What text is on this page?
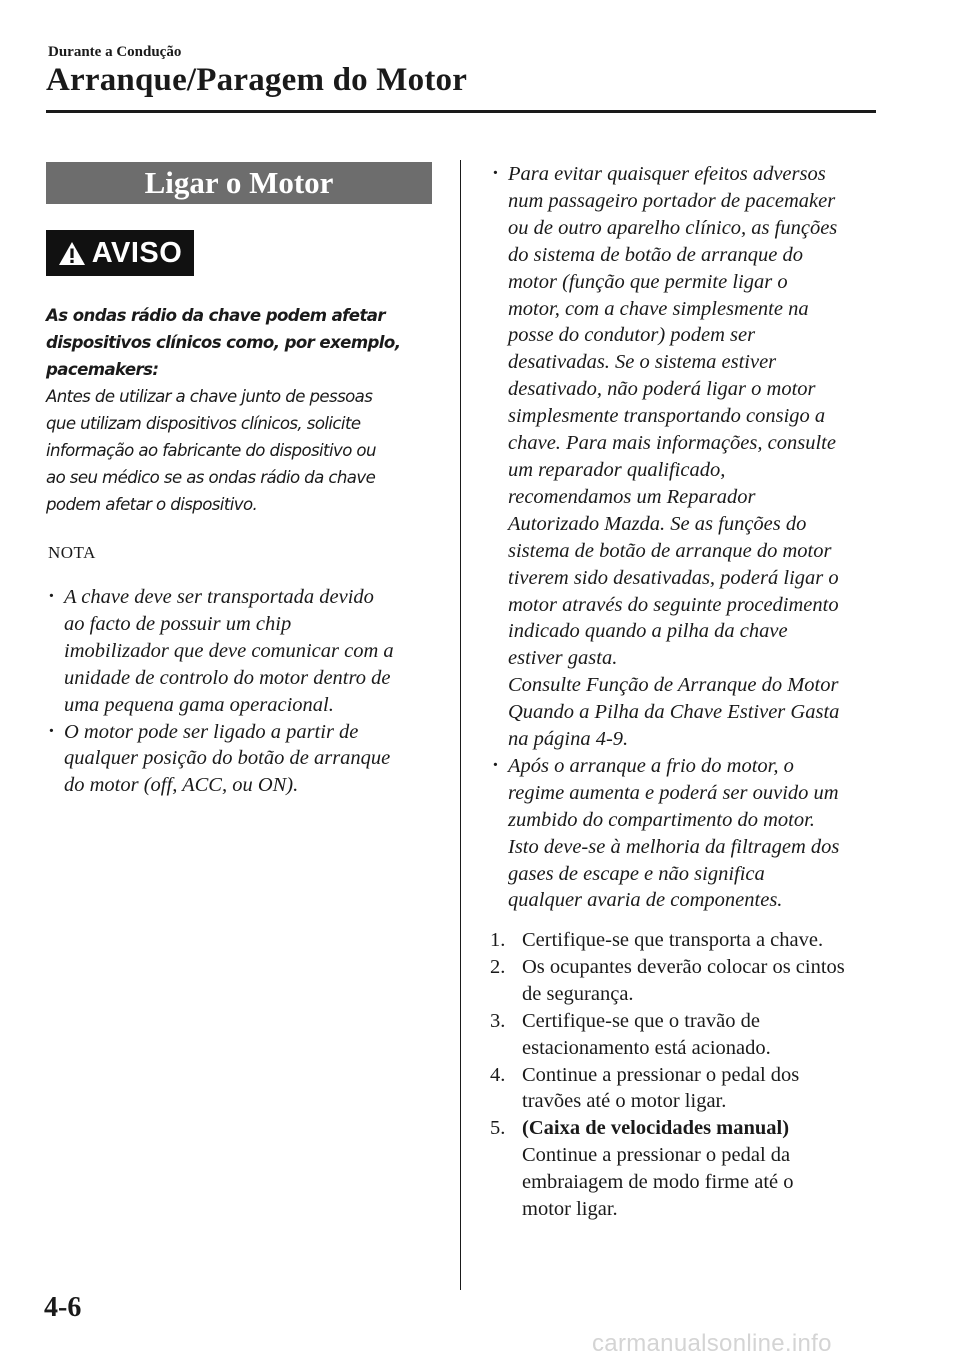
Durante a Condução
Arranque/Paragem do Motor
Ligar o Motor
AVISO
As ondas rádio da chave podem afetar
dispositivos clínicos como, por exemplo,
pacemakers:
Antes de utilizar a chave junto de pessoas
que utilizam dispositivos clínicos, solicite
informação ao fabricante do dispositivo ou
ao seu médico se as ondas rádio da chave
podem afetar o dispositivo.
NOTA
· A chave deve ser transportada devido
ao facto de possuir um chip
imobilizador que deve comunicar com a
unidade de controlo do motor dentro de
uma pequena gama operacional.
· O motor pode ser ligado a partir de
qualquer posição do botão de arranque
do motor (off, ACC, ou ON).
· Para evitar quaisquer efeitos adversos
num passageiro portador de pacemaker
ou de outro aparelho clínico, as funções
do sistema de botão de arranque do
motor (função que permite ligar o
motor, com a chave simplesmente na
posse do condutor) podem ser
desativadas. Se o sistema estiver
desativado, não poderá ligar o motor
simplesmente transportando consigo a
chave. Para mais informações, consulte
um reparador qualificado,
recomendamos um Reparador
Autorizado Mazda. Se as funções do
sistema de botão de arranque do motor
tiverem sido desativadas, poderá ligar o
motor através do seguinte procedimento
indicado quando a pilha da chave
estiver gasta.
Consulte Função de Arranque do Motor
Quando a Pilha da Chave Estiver Gasta
na página 4-9.
· Após o arranque a frio do motor, o
regime aumenta e poderá ser ouvido um
zumbido do compartimento do motor.
Isto deve-se à melhoria da filtragem dos
gases de escape e não significa
qualquer avaria de componentes.
1. Certifique-se que transporta a chave.
2. Os ocupantes deverão colocar os cintos
de segurança.
3. Certifique-se que o travão de
estacionamento está acionado.
4. Continue a pressionar o pedal dos
travões até o motor ligar.
5. (Caixa de velocidades manual)
Continue a pressionar o pedal da
embraiagem de modo firme até o
motor ligar.
4-6
carmanualsonline.info
